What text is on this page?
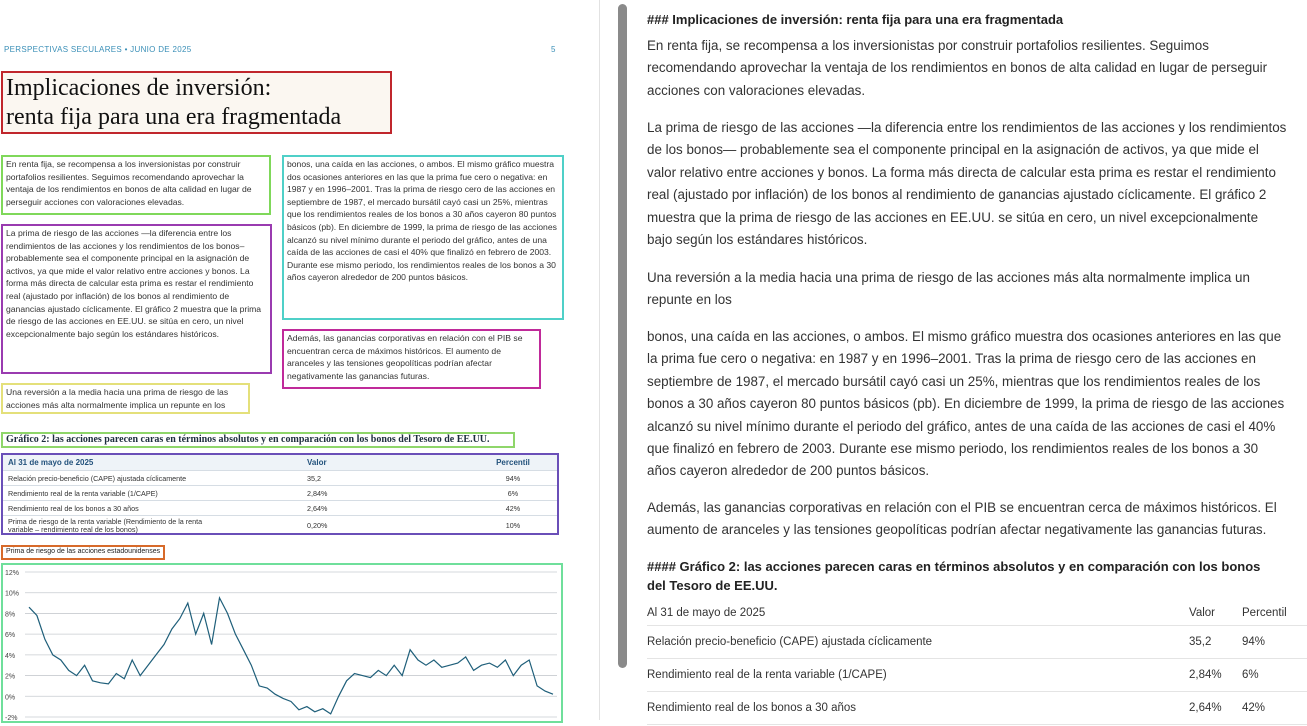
PERSPECTIVAS SECULARES • JUNIO DE 2025	5
Implicaciones de inversión:
renta fija para una era fragmentada
En renta fija, se recompensa a los inversionistas por construir portafolios resilientes. Seguimos recomendando aprovechar la ventaja de los rendimientos en bonos de alta calidad en lugar de perseguir acciones con valoraciones elevadas.
La prima de riesgo de las acciones —la diferencia entre los rendimientos de las acciones y los rendimientos de los bonos– probablemente sea el componente principal en la asignación de activos, ya que mide el valor relativo entre acciones y bonos. La forma más directa de calcular esta prima es restar el rendimiento real (ajustado por inflación) de los bonos al rendimiento de ganancias ajustado cíclicamente. El gráfico 2 muestra que la prima de riesgo de las acciones en EE.UU. se sitúa en cero, un nivel excepcionalmente bajo según los estándares históricos.
Una reversión a la media hacia una prima de riesgo de las acciones más alta normalmente implica un repunte en los
bonos, una caída en las acciones, o ambos. El mismo gráfico muestra dos ocasiones anteriores en las que la prima fue cero o negativa: en 1987 y en 1996–2001. Tras la prima de riesgo cero de las acciones en septiembre de 1987, el mercado bursátil cayó casi un 25%, mientras que los rendimientos reales de los bonos a 30 años cayeron 80 puntos básicos (pb). En diciembre de 1999, la prima de riesgo de las acciones alcanzó su nivel mínimo durante el periodo del gráfico, antes de una caída de las acciones de casi el 40% que finalizó en febrero de 2003. Durante ese mismo periodo, los rendimientos reales de los bonos a 30 años cayeron alrededor de 200 puntos básicos.
Además, las ganancias corporativas en relación con el PIB se encuentran cerca de máximos históricos. El aumento de aranceles y las tensiones geopolíticas podrían afectar negativamente las ganancias futuras.
Gráfico 2: las acciones parecen caras en términos absolutos y en comparación con los bonos del Tesoro de EE.UU.
Al 31 de mayo de 2025	Valor	Percentil
Relación precio-beneficio (CAPE) ajustada cíclicamente	35,2	94%
Rendimiento real de la renta variable (1/CAPE)	2,84%	6%
Rendimiento real de los bonos a 30 años	2,64%	42%
Prima de riesgo de la renta variable (Rendimiento de la renta variable – rendimiento real de los bonos)	0,20%	10%
Prima de riesgo de las acciones estadounidenses
12%
10%
8%
6%
4%
2%
0%
-2%
### Implicaciones de inversión: renta fija para una era fragmentada

En renta fija, se recompensa a los inversionistas por construir portafolios resilientes. Seguimos recomendando aprovechar la ventaja de los rendimientos en bonos de alta calidad en lugar de perseguir acciones con valoraciones elevadas.

La prima de riesgo de las acciones —la diferencia entre los rendimientos de las acciones y los rendimientos de los bonos— probablemente sea el componente principal en la asignación de activos, ya que mide el valor relativo entre acciones y bonos. La forma más directa de calcular esta prima es restar el rendimiento real (ajustado por inflación) de los bonos al rendimiento de ganancias ajustado cíclicamente. El gráfico 2 muestra que la prima de riesgo de las acciones en EE.UU. se sitúa en cero, un nivel excepcionalmente bajo según los estándares históricos.

Una reversión a la media hacia una prima de riesgo de las acciones más alta normalmente implica un repunte en los

bonos, una caída en las acciones, o ambos. El mismo gráfico muestra dos ocasiones anteriores en las que la prima fue cero o negativa: en 1987 y en 1996–2001. Tras la prima de riesgo cero de las acciones en septiembre de 1987, el mercado bursátil cayó casi un 25%, mientras que los rendimientos reales de los bonos a 30 años cayeron 80 puntos básicos (pb). En diciembre de 1999, la prima de riesgo de las acciones alcanzó su nivel mínimo durante el periodo del gráfico, antes de una caída de las acciones de casi el 40% que finalizó en febrero de 2003. Durante ese mismo periodo, los rendimientos reales de los bonos a 30 años cayeron alrededor de 200 puntos básicos.

Además, las ganancias corporativas en relación con el PIB se encuentran cerca de máximos históricos. El aumento de aranceles y las tensiones geopolíticas podrían afectar negativamente las ganancias futuras.

#### Gráfico 2: las acciones parecen caras en términos absolutos y en comparación con los bonos del Tesoro de EE.UU.
Al 31 de mayo de 2025	Valor Percentil
Relación precio-beneficio (CAPE) ajustada cíclicamente	35,2	94%
Rendimiento real de la renta variable (1/CAPE)	2,84% 6%
Rendimiento real de los bonos a 30 años	2,64% 42%
